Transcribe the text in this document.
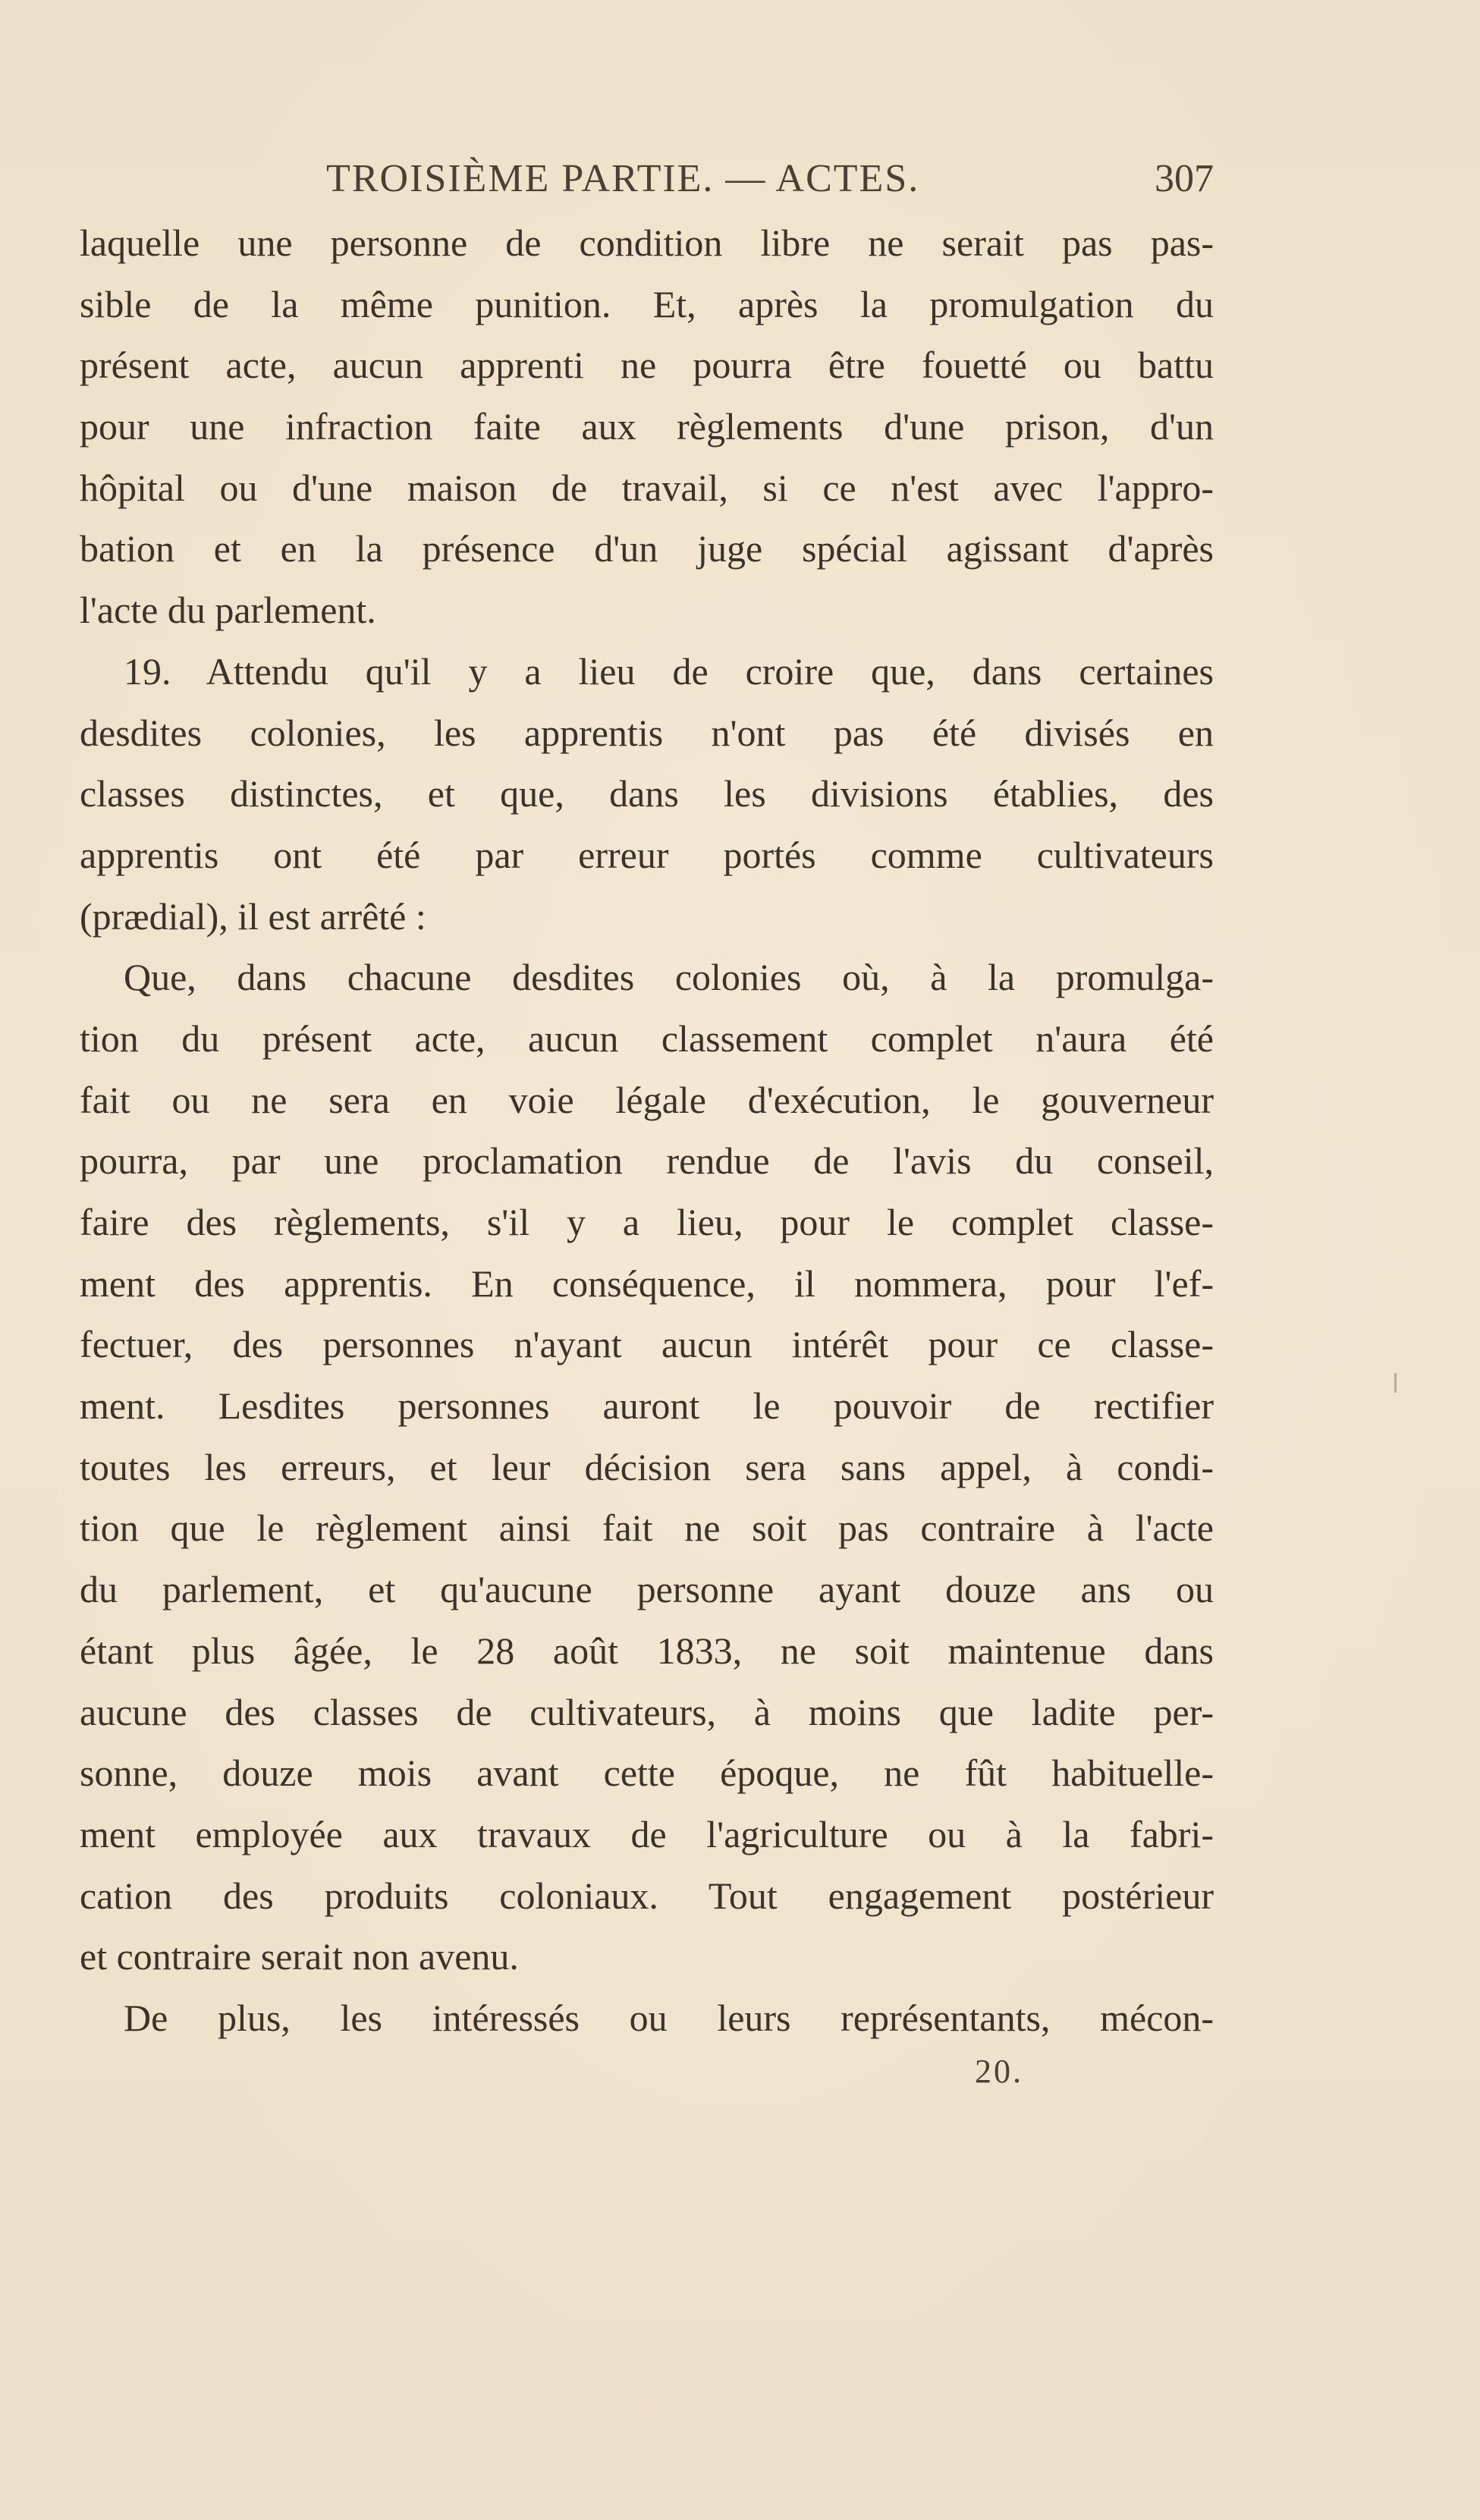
TROISIÈME PARTIE. — ACTES.	307
laquelle une personne de condition libre ne serait pas pas-
sible de la même punition. Et, après la promulgation du
présent acte, aucun apprenti ne pourra être fouetté ou battu
pour une infraction faite aux règlements d'une prison, d'un
hôpital ou d'une maison de travail, si ce n'est avec l'appro-
bation et en la présence d'un juge spécial agissant d'après
l'acte du parlement.
19. Attendu qu'il y a lieu de croire que, dans certaines
desdites colonies, les apprentis n'ont pas été divisés en
classes distinctes, et que, dans les divisions établies, des
apprentis ont été par erreur portés comme cultivateurs
(prædial), il est arrêté :
Que, dans chacune desdites colonies où, à la promulga-
tion du présent acte, aucun classement complet n'aura été
fait ou ne sera en voie légale d'exécution, le gouverneur
pourra, par une proclamation rendue de l'avis du conseil,
faire des règlements, s'il y a lieu, pour le complet classe-
ment des apprentis. En conséquence, il nommera, pour l'ef-
fectuer, des personnes n'ayant aucun intérêt pour ce classe-
ment. Lesdites personnes auront le pouvoir de rectifier
toutes les erreurs, et leur décision sera sans appel, à condi-
tion que le règlement ainsi fait ne soit pas contraire à l'acte
du parlement, et qu'aucune personne ayant douze ans ou
étant plus âgée, le 28 août 1833, ne soit maintenue dans
aucune des classes de cultivateurs, à moins que ladite per-
sonne, douze mois avant cette époque, ne fût habituelle-
ment employée aux travaux de l'agriculture ou à la fabri-
cation des produits coloniaux. Tout engagement postérieur
et contraire serait non avenu.
De plus, les intéressés ou leurs représentants, mécon-
20.
